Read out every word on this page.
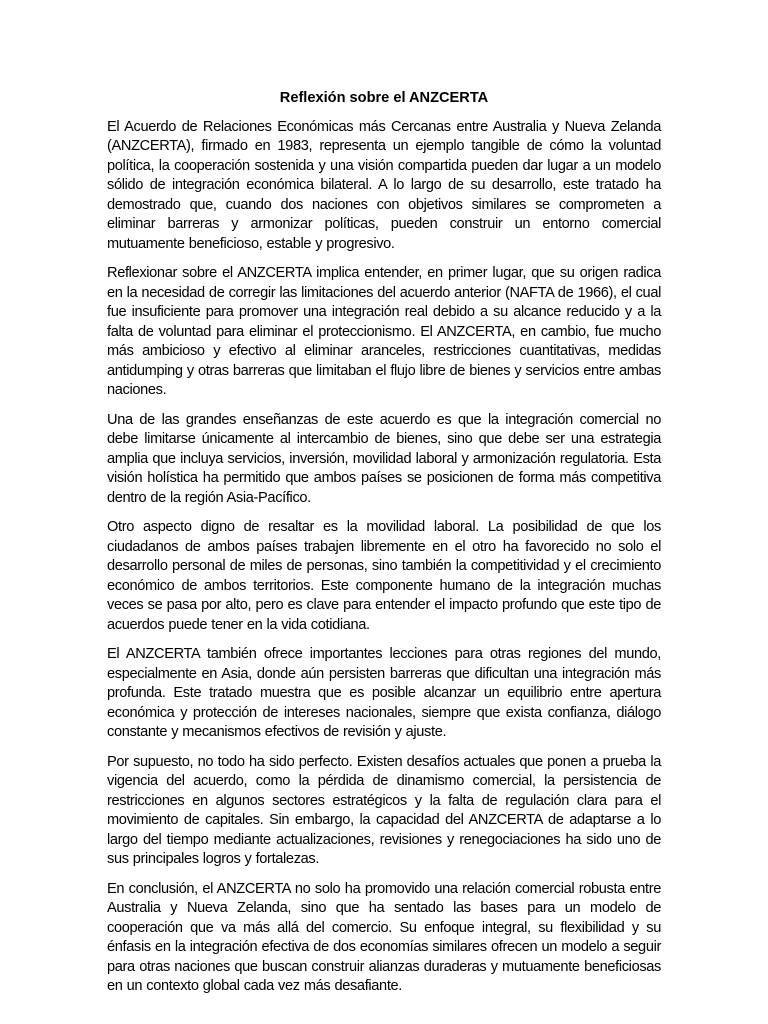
Reflexión sobre el ANZCERTA

El Acuerdo de Relaciones Económicas más Cercanas entre Australia y Nueva Zelanda (ANZCERTA), firmado en 1983, representa un ejemplo tangible de cómo la voluntad política, la cooperación sostenida y una visión compartida pueden dar lugar a un modelo sólido de integración económica bilateral. A lo largo de su desarrollo, este tratado ha demostrado que, cuando dos naciones con objetivos similares se comprometen a eliminar barreras y armonizar políticas, pueden construir un entorno comercial mutuamente beneficioso, estable y progresivo.

Reflexionar sobre el ANZCERTA implica entender, en primer lugar, que su origen radica en la necesidad de corregir las limitaciones del acuerdo anterior (NAFTA de 1966), el cual fue insuficiente para promover una integración real debido a su alcance reducido y a la falta de voluntad para eliminar el proteccionismo. El ANZCERTA, en cambio, fue mucho más ambicioso y efectivo al eliminar aranceles, restricciones cuantitativas, medidas antidumping y otras barreras que limitaban el flujo libre de bienes y servicios entre ambas naciones.

Una de las grandes enseñanzas de este acuerdo es que la integración comercial no debe limitarse únicamente al intercambio de bienes, sino que debe ser una estrategia amplia que incluya servicios, inversión, movilidad laboral y armonización regulatoria. Esta visión holística ha permitido que ambos países se posicionen de forma más competitiva dentro de la región Asia-Pacífico.

Otro aspecto digno de resaltar es la movilidad laboral. La posibilidad de que los ciudadanos de ambos países trabajen libremente en el otro ha favorecido no solo el desarrollo personal de miles de personas, sino también la competitividad y el crecimiento económico de ambos territorios. Este componente humano de la integración muchas veces se pasa por alto, pero es clave para entender el impacto profundo que este tipo de acuerdos puede tener en la vida cotidiana.

El ANZCERTA también ofrece importantes lecciones para otras regiones del mundo, especialmente en Asia, donde aún persisten barreras que dificultan una integración más profunda. Este tratado muestra que es posible alcanzar un equilibrio entre apertura económica y protección de intereses nacionales, siempre que exista confianza, diálogo constante y mecanismos efectivos de revisión y ajuste.

Por supuesto, no todo ha sido perfecto. Existen desafíos actuales que ponen a prueba la vigencia del acuerdo, como la pérdida de dinamismo comercial, la persistencia de restricciones en algunos sectores estratégicos y la falta de regulación clara para el movimiento de capitales. Sin embargo, la capacidad del ANZCERTA de adaptarse a lo largo del tiempo mediante actualizaciones, revisiones y renegociaciones ha sido uno de sus principales logros y fortalezas.

En conclusión, el ANZCERTA no solo ha promovido una relación comercial robusta entre Australia y Nueva Zelanda, sino que ha sentado las bases para un modelo de cooperación que va más allá del comercio. Su enfoque integral, su flexibilidad y su énfasis en la integración efectiva de dos economías similares ofrecen un modelo a seguir para otras naciones que buscan construir alianzas duraderas y mutuamente beneficiosas en un contexto global cada vez más desafiante.
